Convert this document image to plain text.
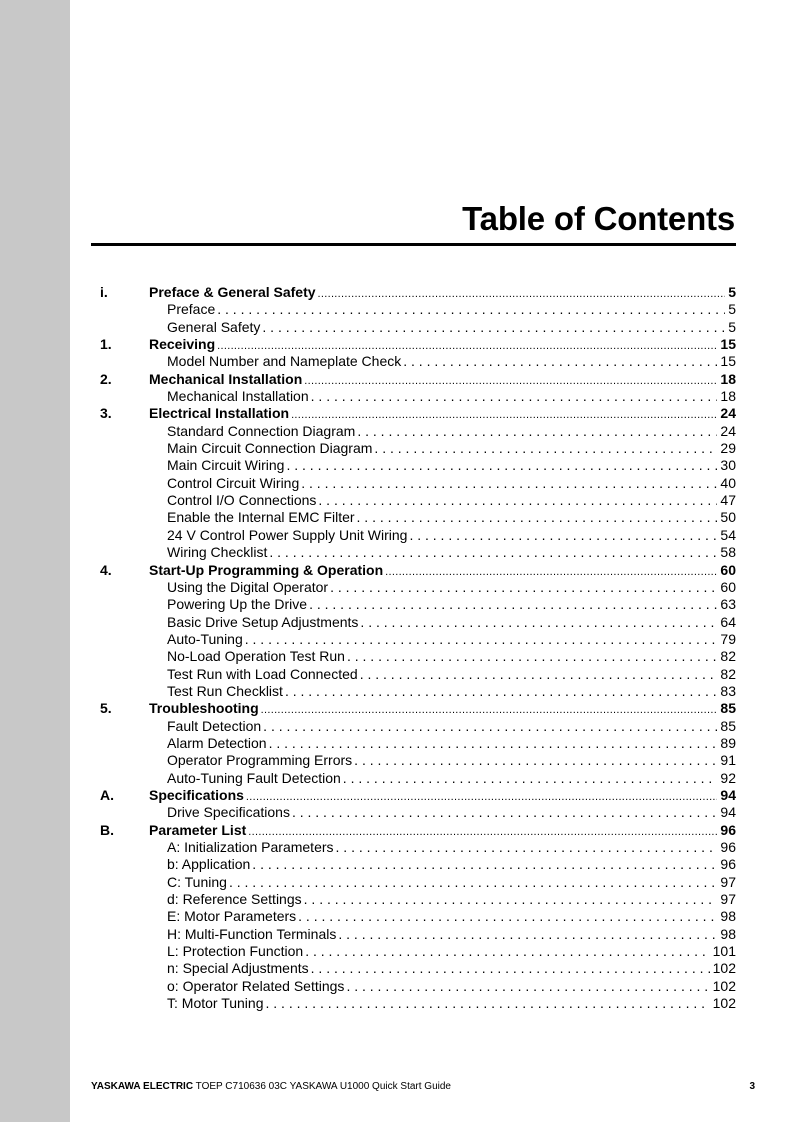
Table of Contents
i.	Preface & General Safety .....	5
Preface . . .	5
General Safety . . .	5
1.	Receiving .....	15
Model Number and Nameplate Check . . .	15
2.	Mechanical Installation .....	18
Mechanical Installation . . .	18
3.	Electrical Installation .....	24
Standard Connection Diagram . . .	24
Main Circuit Connection Diagram . . .	29
Main Circuit Wiring . . .	30
Control Circuit Wiring . . .	40
Control I/O Connections . . .	47
Enable the Internal EMC Filter . . .	50
24 V Control Power Supply Unit Wiring . . .	54
Wiring Checklist . . .	58
4.	Start-Up Programming & Operation .....	60
Using the Digital Operator . . .	60
Powering Up the Drive . . .	63
Basic Drive Setup Adjustments . . .	64
Auto-Tuning . . .	79
No-Load Operation Test Run . . .	82
Test Run with Load Connected . . .	82
Test Run Checklist . . .	83
5.	Troubleshooting .....	85
Fault Detection . . .	85
Alarm Detection . . .	89
Operator Programming Errors . . .	91
Auto-Tuning Fault Detection . . .	92
A.	Specifications .....	94
Drive Specifications . . .	94
B.	Parameter List .....	96
A: Initialization Parameters . . .	96
b: Application . . .	96
C: Tuning . . .	97
d: Reference Settings . . .	97
E: Motor Parameters . . .	98
H: Multi-Function Terminals . . .	98
L: Protection Function . . .	101
n: Special Adjustments . . .	102
o: Operator Related Settings . . .	102
T: Motor Tuning . . .	102
YASKAWA ELECTRIC TOEP C710636 03C YASKAWA U1000 Quick Start Guide	3
